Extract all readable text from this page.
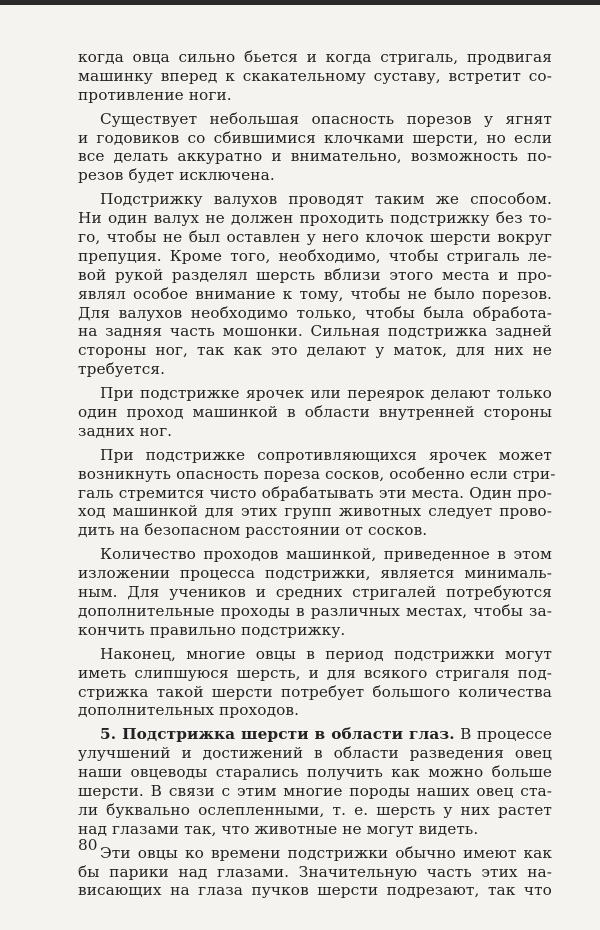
когда овца сильно бьется и когда стригаль, продвигая
машинку вперед к скакательному суставу, встретит со-
противление ноги.
Существует небольшая опасность порезов у ягнят
и годовиков со сбившимися клочками шерсти, но если
все делать аккуратно и внимательно, возможность по-
резов будет исключена.
Подстрижку валухов проводят таким же способом.
Ни один валух не должен проходить подстрижку без то-
го, чтобы не был оставлен у него клочок шерсти вокруг
препуция. Кроме того, необходимо, чтобы стригаль ле-
вой рукой разделял шерсть вблизи этого места и про-
являл особое внимание к тому, чтобы не было порезов.
Для валухов необходимо только, чтобы была обработа-
на задняя часть мошонки. Сильная подстрижка задней
стороны ног, так как это делают у маток, для них не
требуется.
При подстрижке ярочек или переярок делают только
один проход машинкой в области внутренней стороны
задних ног.
При подстрижке сопротивляющихся ярочек может
возникнуть опасность пореза сосков, особенно если стри-
галь стремится чисто обрабатывать эти места. Один про-
ход машинкой для этих групп животных следует прово-
дить на безопасном расстоянии от сосков.
Количество проходов машинкой, приведенное в этом
изложении процесса подстрижки, является минималь-
ным. Для учеников и средних стригалей потребуются
дополнительные проходы в различных местах, чтобы за-
кончить правильно подстрижку.
Наконец, многие овцы в период подстрижки могут
иметь слипшуюся шерсть, и для всякого стригаля под-
стрижка такой шерсти потребует большого количества
дополнительных проходов.
5. Подстрижка шерсти в области глаз. В процессе
улучшений и достижений в области разведения овец
наши овцеводы старались получить как можно больше
шерсти. В связи с этим многие породы наших овец ста-
ли буквально ослепленными, т. е. шерсть у них растет
над глазами так, что животные не могут видеть.
Эти овцы ко времени подстрижки обычно имеют как
бы парики над глазами. Значительную часть этих на-
висающих на глаза пучков шерсти подрезают, так что
80
